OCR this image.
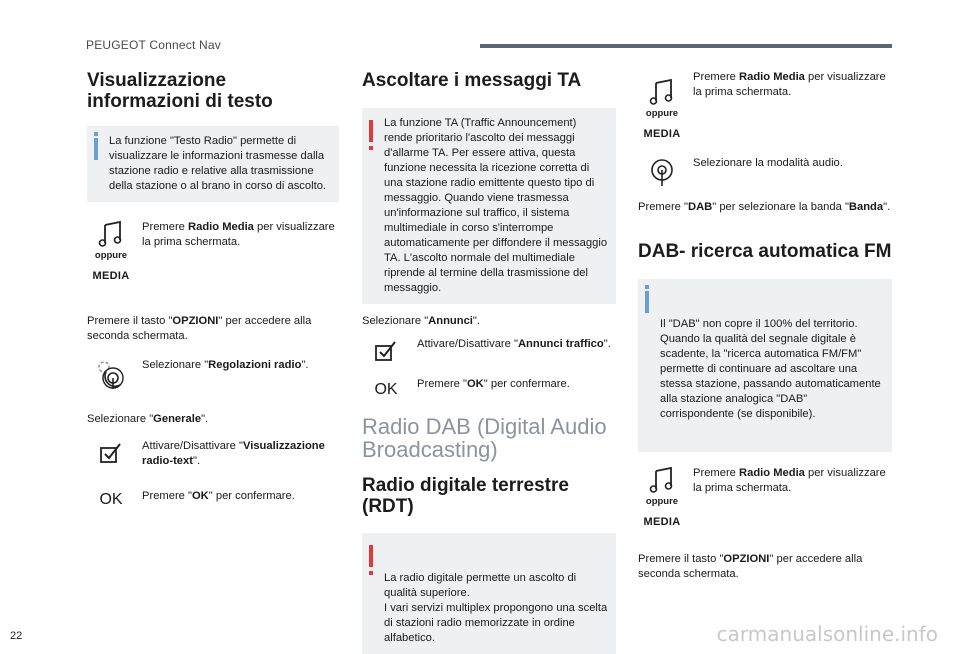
PEUGEOT Connect Nav
Visualizzazione
informazioni di testo
La funzione "Testo Radio" permette di visualizzare le informazioni trasmesse dalla stazione radio e relative alla trasmissione della stazione o al brano in corso di ascolto.
oppure
MEDIA
Premere Radio Media per visualizzare la prima schermata.

Premere il tasto "OPZIONI" per accedere alla seconda schermata.

Selezionare "Regolazioni radio".

Selezionare "Generale".

Attivare/Disattivare "Visualizzazione radio-text".
OK	Premere "OK" per confermare.
Ascoltare i messaggi TA
La funzione TA (Traffic Announcement) rende prioritario l'ascolto dei messaggi d'allarme TA. Per essere attiva, questa funzione necessita la ricezione corretta di una stazione radio emittente questo tipo di messaggio. Quando viene trasmessa un'informazione sul traffico, il sistema multimediale in corso s'interrompe automaticamente per diffondere il messaggio TA. L'ascolto normale del multimediale riprende al termine della trasmissione del messaggio.

Selezionare "Annunci".

Attivare/Disattivare "Annunci traffico".
OK	Premere "OK" per confermare.
Radio DAB (Digital Audio
Broadcasting)
Radio digitale terrestre
(RDT)

La radio digitale permette un ascolto di qualità superiore.
I vari servizi multiplex propongono una scelta di stazioni radio memorizzate in ordine alfabetico.

oppure
MEDIA
Premere Radio Media per visualizzare la prima schermata.
Selezionare la modalità audio.

Premere "DAB" per selezionare la banda "Banda".

DAB- ricerca automatica FM

Il "DAB" non copre il 100% del territorio.
Quando la qualità del segnale digitale è scadente, la "ricerca automatica FM/FM" permette di continuare ad ascoltare una stessa stazione, passando automaticamente alla stazione analogica "DAB" corrispondente (se disponibile).

oppure
MEDIA
Premere Radio Media per visualizzare la prima schermata.

Premere il tasto "OPZIONI" per accedere alla seconda schermata.

22	carmanualsonline.info
